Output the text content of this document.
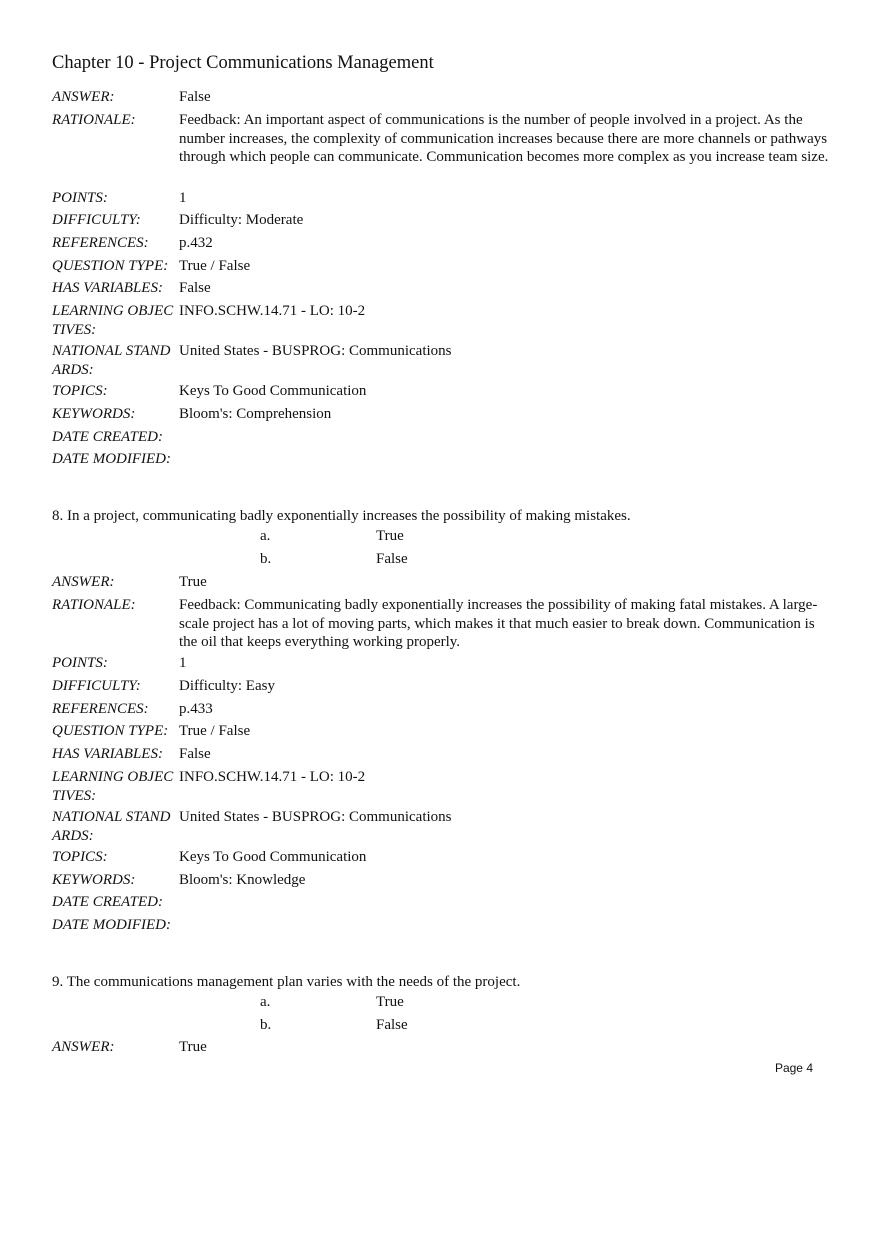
Chapter 10 - Project Communications Management
ANSWER:	False
RATIONALE:	Feedback: An important aspect of communications is the number of people involved in a project. As the number increases, the complexity of communication increases because there are more channels or pathways through which people can communicate. Communication becomes more complex as you increase team size.
POINTS:	1
DIFFICULTY:	Difficulty: Moderate
REFERENCES:	p.432
QUESTION TYPE: True / False
HAS VARIABLES:	False
LEARNING OBJECTIVES:
INFO.SCHW.14.71 - LO: 10-2
NATIONAL STANDARDS:
United States - BUSPROG: Communications
TOPICS:	Keys To Good Communication
KEYWORDS:	Bloom's: Comprehension
DATE CREATED:
DATE MODIFIED:
8. In a project, communicating badly exponentially increases the possibility of making mistakes.
a.	True
b.	False
ANSWER:	True
RATIONALE:	Feedback: Communicating badly exponentially increases the possibility of making fatal mistakes. A large-scale project has a lot of moving parts, which makes it that much easier to break down. Communication is the oil that keeps everything working properly.
POINTS:	1
DIFFICULTY:	Difficulty: Easy
REFERENCES:	p.433
QUESTION TYPE: True / False
HAS VARIABLES:	False
LEARNING OBJECTIVES:
INFO.SCHW.14.71 - LO: 10-2
NATIONAL STANDARDS:
United States - BUSPROG: Communications
TOPICS:	Keys To Good Communication
KEYWORDS:	Bloom's: Knowledge
DATE CREATED:
DATE MODIFIED:
9. The communications management plan varies with the needs of the project.
a.	True
b.	False
ANSWER:	True
Page 4
